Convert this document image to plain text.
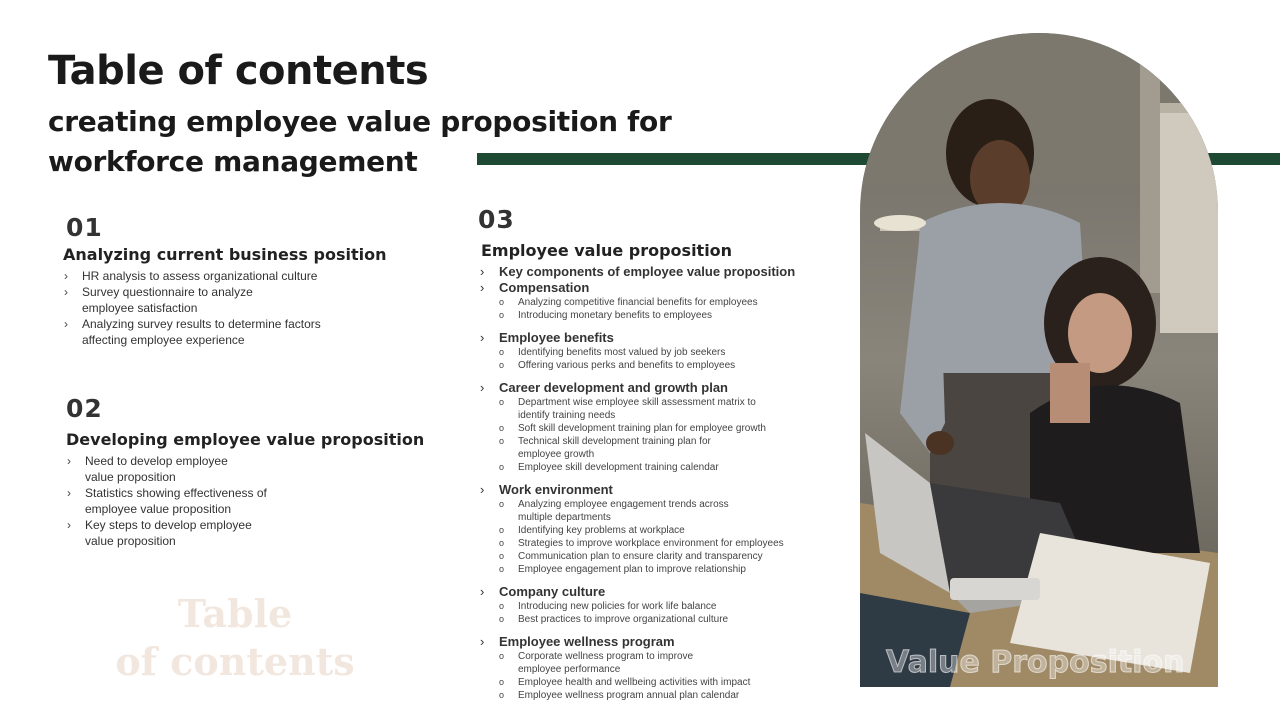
Table of contents
creating employee value proposition for workforce management
Table
of contents
01
Analyzing current business position
› HR analysis to assess organizational culture
› Survey questionnaire to analyze employee satisfaction
› Analyzing survey results to determine factors affecting employee experience
02
Developing employee value proposition
› Need to develop employee value proposition
› Statistics showing effectiveness of employee value proposition
› Key steps to develop employee value proposition
03
Employee value proposition
› Key components of employee value proposition
› Compensation
o Analyzing competitive financial benefits for employees
o Introducing monetary benefits to employees
› Employee benefits
o Identifying benefits most valued by job seekers
o Offering various perks and benefits to employees
› Career development and growth plan
o Department wise employee skill assessment matrix to identify training needs
o Soft skill development training plan for employee growth
o Technical skill development training plan for employee growth
o Employee skill development training calendar
› Work environment
o Analyzing employee engagement trends across multiple departments
o Identifying key problems at workplace
o Strategies to improve workplace environment for employees
o Communication plan to ensure clarity and transparency
o Employee engagement plan to improve relationship
› Company culture
o Introducing new policies for work life balance
o Best practices to improve organizational culture
› Employee wellness program
o Corporate wellness program to improve employee performance
o Employee health and wellbeing activities with impact
o Employee wellness program annual plan calendar
Value Proposition
